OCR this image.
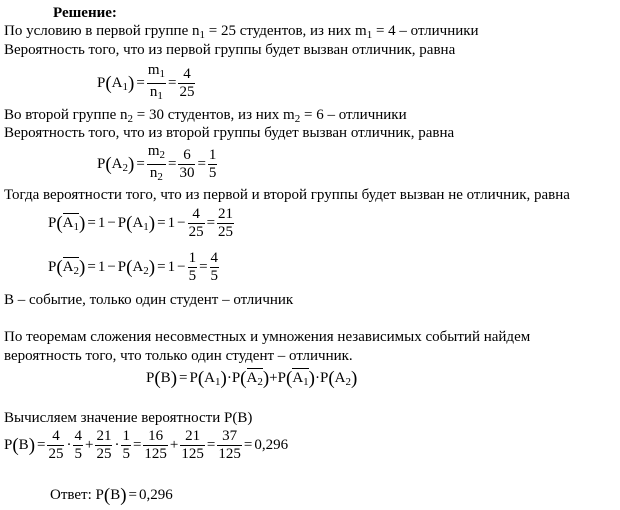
Решение:
По условию в первой группе $n_1 = 25$ студентов, из них $m_1 = 4$ – отличники
Вероятность того, что из первой группы будет вызван отличник, равна
$P(A_1) = \frac{m_1}{n_1} = \frac{4}{25}$
Во второй группе $n_2 = 30$ студентов, из них $m_2 = 6$ – отличники
Вероятность того, что из второй группы будет вызван отличник, равна
$P(A_2) = \frac{m_2}{n_2} = \frac{6}{30} = \frac{1}{5}$
Тогда вероятности того, что из первой и второй группы будет вызван не отличник, равна
$P(A_1) = 1 - P(A_1) = 1 - \frac{4}{25} = \frac{21}{25}$
$P(A_2) = 1 - P(A_2) = 1 - \frac{1}{5} = \frac{4}{5}$
B – событие, только один студент – отличник
По теоремам сложения несовместных и умножения независимых событий найдем
вероятность того, что только один студент – отличник.
$P(B) = P(A_1)\cdot P(A_2)+P(A_1)\cdot P(A_2)$
Вычисляем значение вероятности P(B)
$P(B) = \frac{4}{25} \cdot \frac{4}{5} + \frac{21}{25} \cdot \frac{1}{5} = \frac{16}{125} + \frac{21}{125} = \frac{37}{125} = 0,296$
Ответ: P(B) = 0,296
